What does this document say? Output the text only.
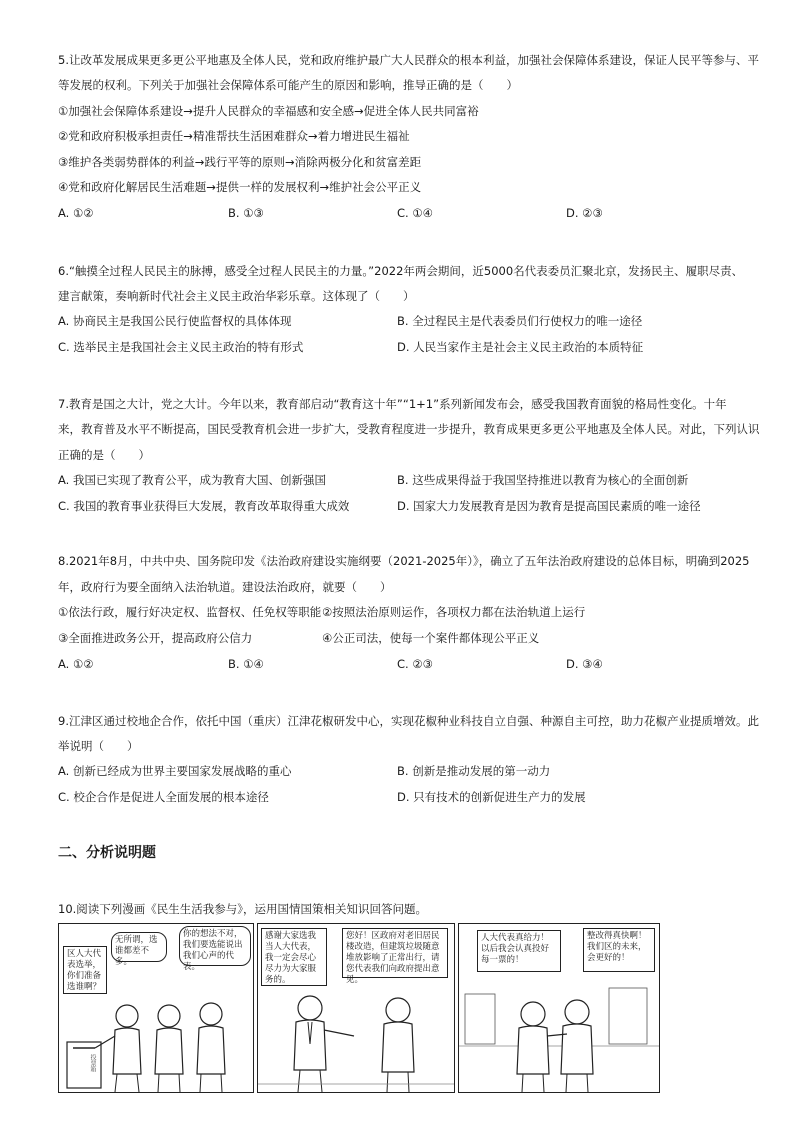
5.让改革发展成果更多更公平地惠及全体人民，党和政府维护最广大人民群众的根本利益，加强社会保障体系建设，保证人民平等参与、平
等发展的权利。下列关于加强社会保障体系可能产生的原因和影响，推导正确的是（　　）
①加强社会保障体系建设→提升人民群众的幸福感和安全感→促进全体人民共同富裕
②党和政府积极承担责任→精准帮扶生活困难群众→着力增进民生福祉
③维护各类弱势群体的利益→践行平等的原则→消除两极分化和贫富差距
④党和政府化解居民生活难题→提供一样的发展权利→维护社会公平正义
A. ①②	B. ①③	C. ①④	D. ②③
6.“触摸全过程人民民主的脉搏，感受全过程人民民主的力量。”2022年两会期间，近5000名代表委员汇聚北京，发扬民主、履职尽责、
建言献策，奏响新时代社会主义民主政治华彩乐章。这体现了（　　）
A. 协商民主是我国公民行使监督权的具体体现	B. 全过程民主是代表委员们行使权力的唯一途径
C. 选举民主是我国社会主义民主政治的特有形式	D. 人民当家作主是社会主义民主政治的本质特征
7.教育是国之大计，党之大计。今年以来，教育部启动“教育这十年”“1+1”系列新闻发布会，感受我国教育面貌的格局性变化。十年
来，教育普及水平不断提高，国民受教育机会进一步扩大，受教育程度进一步提升，教育成果更多更公平地惠及全体人民。对此，下列认识
正确的是（　　）
A. 我国已实现了教育公平，成为教育大国、创新强国	B. 这些成果得益于我国坚持推进以教育为核心的全面创新
C. 我国的教育事业获得巨大发展，教育改革取得重大成效	D. 国家大力发展教育是因为教育是提高国民素质的唯一途径
8.2021年8月，中共中央、国务院印发《法治政府建设实施纲要（2021-2025年）》，确立了五年法治政府建设的总体目标，明确到2025
年，政府行为要全面纳入法治轨道。建设法治政府，就要（　　）
①依法行政，履行好决定权、监督权、任免权等职能 ②按照法治原则运作，各项权力都在法治轨道上运行
③全面推进政务公开，提高政府公信力	④公正司法，使每一个案件都体现公平正义
A. ①②	B. ①④	C. ②③	D. ③④
9.江津区通过校地企合作，依托中国（重庆）江津花椒研发中心，实现花椒种业科技自立自强、种源自主可控，助力花椒产业提质增效。此
举说明（　　）
A. 创新已经成为世界主要国家发展战略的重心	B. 创新是推动发展的第一动力
C. 校企合作是促进人全面发展的根本途径	D. 只有技术的创新促进生产力的发展
二、分析说明题
10.阅读下列漫画《民生生活我参与》，运用国情国策相关知识回答问题。
区人大代表选举，你们准备选谁啊？
无所谓，选谁都差不多。
你的想法不对，我们要选能说出我们心声的代表。
投票箱
感谢大家选我当人大代表，我一定会尽心尽力为大家服务的。
您好！区政府对老旧居民楼改造，但建筑垃圾随意堆放影响了正常出行，请您代表我们向政府提出意见。
人大代表真给力！以后我会认真投好每一票的！
整改得真快啊！我们区的未来，会更好的！
